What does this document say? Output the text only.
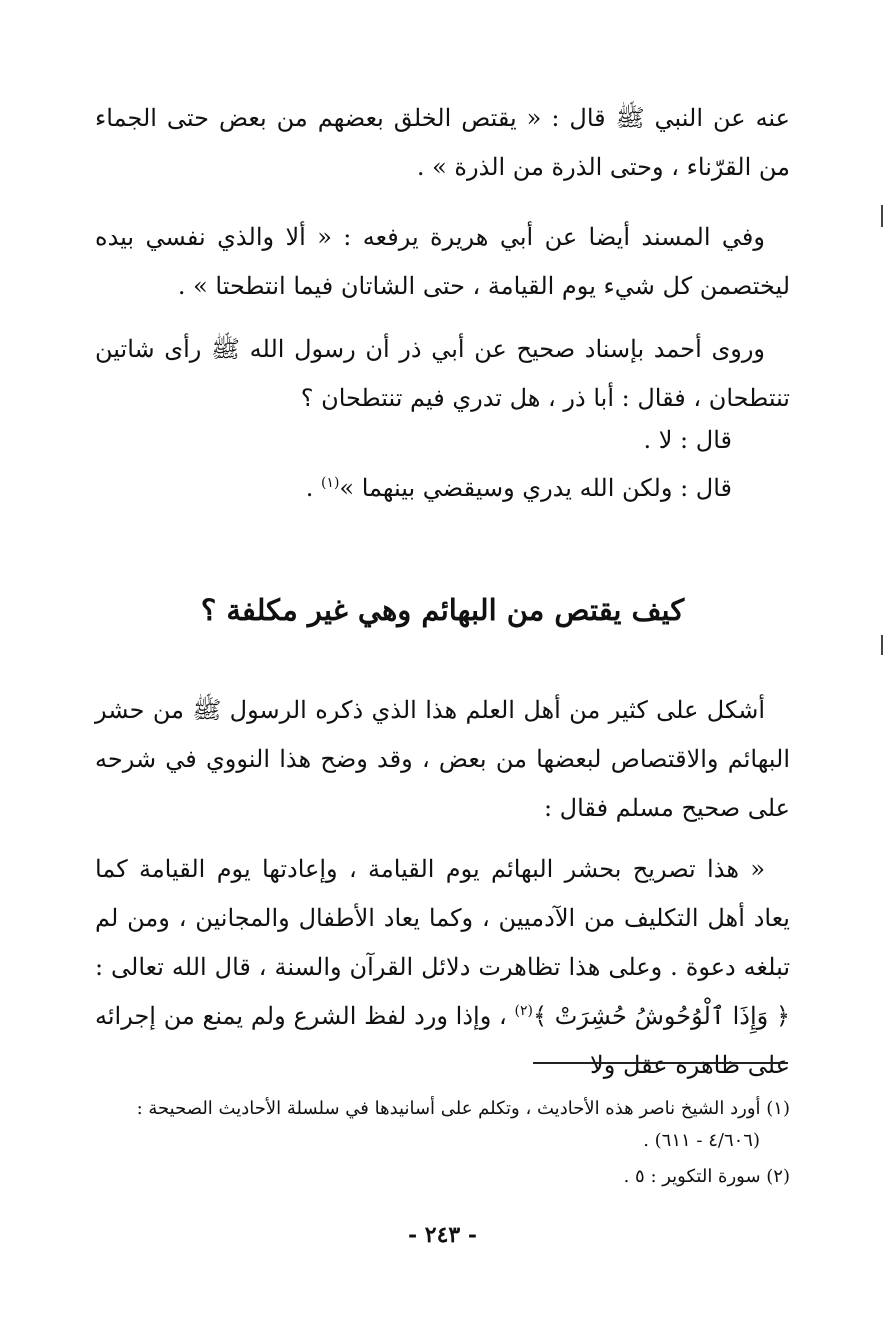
عنه عن النبي ﷺ قال : « يقتص الخلق بعضهم من بعض حتى الجماء من القرّناء ، وحتى الذرة من الذرة » .
وفي المسند أيضا عن أبي هريرة يرفعه : « ألا والذي نفسي بيده ليختصمن كل شيء يوم القيامة ، حتى الشاتان فيما انتطحتا » .
وروى أحمد بإسناد صحيح عن أبي ذر أن رسول الله ﷺ رأى شاتين تنتطحان ، فقال : أبا ذر ، هل تدري فيم تنتطحان ؟
قال : لا .
قال : ولكن الله يدري وسيقضي بينهما »$^{(١)}$ .
كيف يقتص من البهائم وهي غير مكلفة ؟
أشكل على كثير من أهل العلم هذا الذي ذكره الرسول ﷺ من حشر البهائم والاقتصاص لبعضها من بعض ، وقد وضح هذا النووي في شرحه على صحيح مسلم فقال :
« هذا تصريح بحشر البهائم يوم القيامة ، وإعادتها يوم القيامة كما يعاد أهل التكليف من الآدميين ، وكما يعاد الأطفال والمجانين ، ومن لم تبلغه دعوة . وعلى هذا تظاهرت دلائل القرآن والسنة ، قال الله تعالى : ﴿ وَإِذَا ٱلْوُحُوشُ حُشِرَتْ ﴾$^{(٢)}$ ، وإذا ورد لفظ الشرع ولم يمنع من إجرائه على ظاهره عقل ولا
(١) أورد الشيخ ناصر هذه الأحاديث ، وتكلم على أسانيدها في سلسلة الأحاديث الصحيحة :
(٤/٦٠٦ - ٦١١) .
(٢) سورة التكوير : ٥ .
- ٢٤٣ -
